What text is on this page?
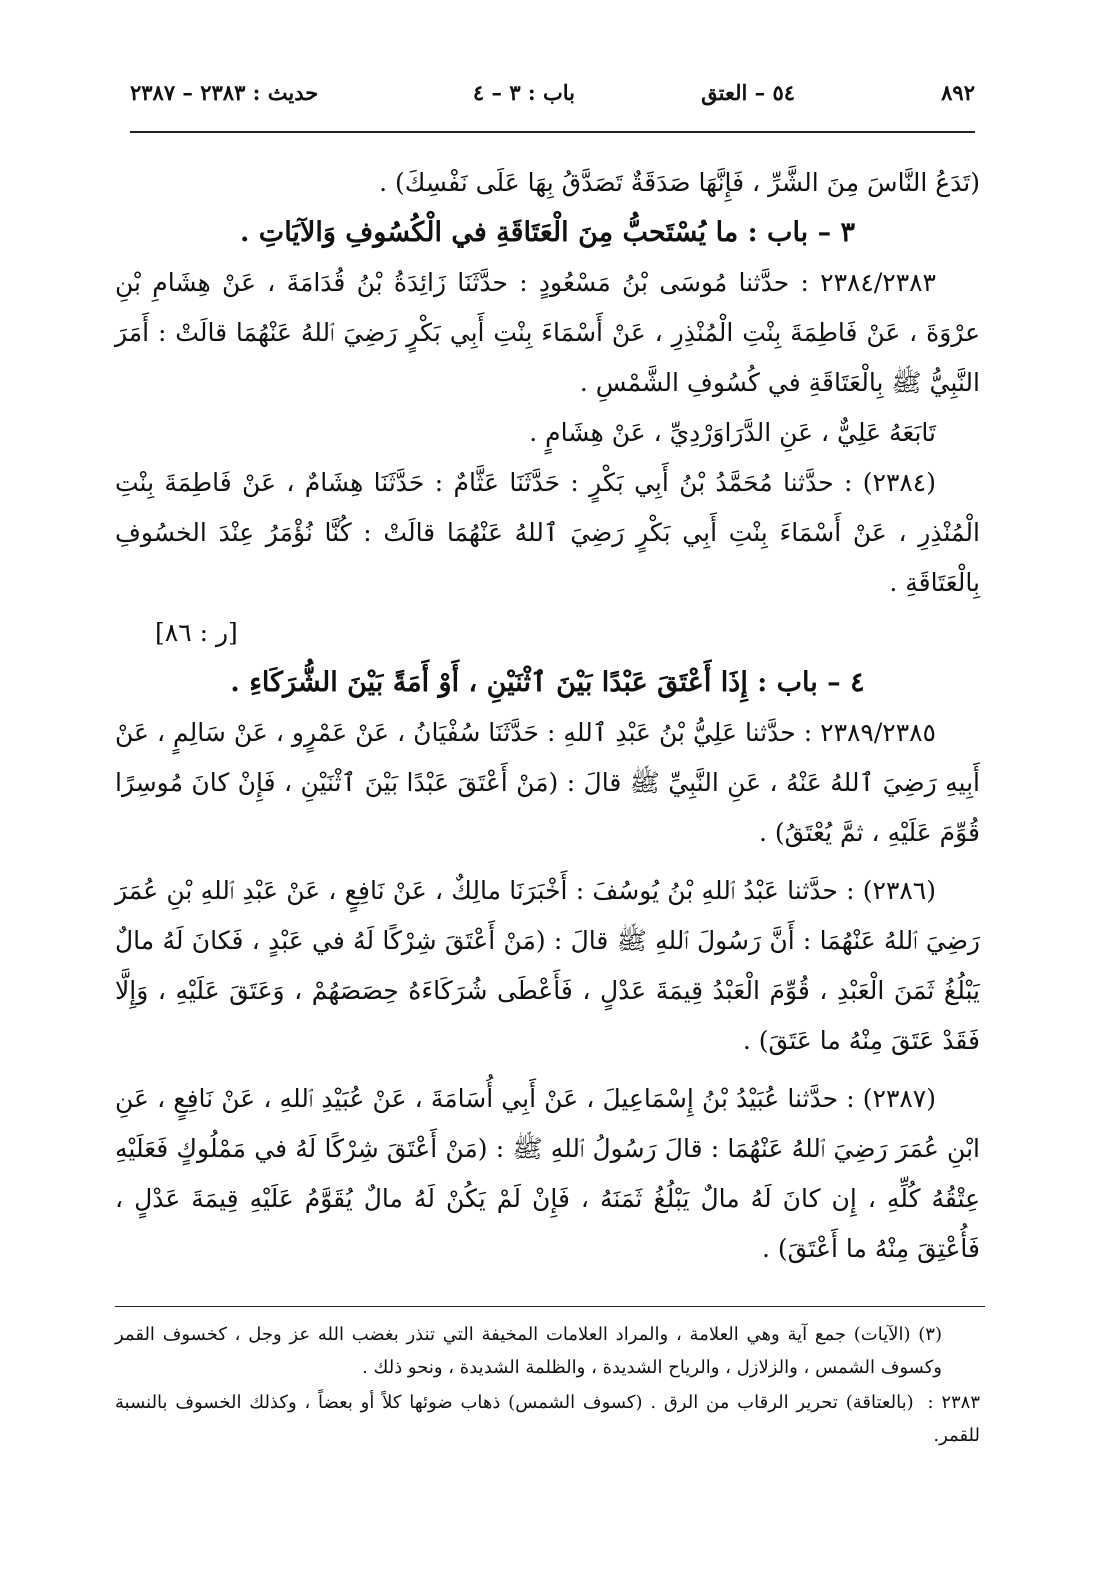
٨٩٢
٥٤ – العتق
باب : ٣ – ٤
حديث : ٢٣٨٣ – ٢٣٨٧

(تَدَعُ النَّاسَ مِنَ الشَّرِّ ، فَإِنَّهَا صَدَقَةٌ تَصَدَّقُ بِهَا عَلَى نَفْسِكَ) .

٣ – باب : ما يُسْتَحبُّ مِنَ الْعَتَاقَةِ في الْكُسُوفِ وَالآيَاتِ .

٢٣٨٤/٢٣٨٣ : حدَّثنا مُوسَى بْنُ مَسْعُودٍ : حدَّثَنَا زَائِدَةُ بْنُ قُدَامَةَ ، عَنْ هِشَامِ بْنِ عرْوَةَ ، عَنْ فَاطِمَةَ بِنْتِ الْمُنْذِرِ ، عَنْ أَسْمَاءَ بِنْتِ أَبِي بَكْرٍ رَضِيَ ٱللهُ عَنْهُمَا قالَتْ : أَمَرَ النَّبِيُّ ﷺ بِالْعَتَاقَةِ في كُسُوفِ الشَّمْسِ .

تَابَعَهُ عَلِيٌّ ، عَنِ الدَّرَاوَرْدِيِّ ، عَنْ هِشَامٍ .

(٢٣٨٤) : حدَّثنا مُحَمَّدُ بْنُ أَبِي بَكْرٍ : حَدَّثَنَا عَثَّامٌ : حَدَّثَنَا هِشَامٌ ، عَنْ فَاطِمَةَ بِنْتِ الْمُنْذِرِ ، عَنْ أَسْمَاءَ بِنْتِ أَبِي بَكْرٍ رَضِيَ ٱللهُ عَنْهُمَا قالَتْ : كُنَّا نُؤْمَرُ عِنْدَ الخسُوفِ بِالْعَتَاقَةِ .

[ر : ٨٦]

٤ – باب : إِذَا أَعْتَقَ عَبْدًا بَيْنَ ٱثْنَيْنِ ، أَوْ أَمَةً بَيْنَ الشُّرَكَاءِ .

٢٣٨٩/٢٣٨٥ : حدَّثنا عَلِيُّ بْنُ عَبْدِ ٱللهِ : حَدَّثَنَا سُفْيَانُ ، عَنْ عَمْرٍو ، عَنْ سَالِمٍ ، عَنْ أَبِيهِ رَضِيَ ٱللهُ عَنْهُ ، عَنِ النَّبِيِّ ﷺ قالَ : (مَنْ أَعْتَقَ عَبْدًا بَيْنَ ٱثْنَيْنِ ، فَإِنْ كانَ مُوسِرًا قُوِّمَ عَلَيْهِ ، ثمَّ يُعْتَقُ) .

(٢٣٨٦) : حدَّثنا عَبْدُ ٱللهِ بْنُ يُوسُفَ : أَخْبَرَنَا مالِكٌ ، عَنْ نَافِعٍ ، عَنْ عَبْدِ ٱللهِ بْنِ عُمَرَ رَضِيَ ٱللهُ عَنْهُمَا : أَنَّ رَسُولَ ٱللهِ ﷺ قالَ : (مَنْ أَعْتَقَ شِرْكًا لَهُ في عَبْدٍ ، فَكانَ لَهُ مالٌ يَبْلُغُ ثَمَنَ الْعَبْدِ ، قُوِّمَ الْعَبْدُ قِيمَةَ عَدْلٍ ، فَأَعْطَى شُرَكَاءَهُ حِصَصَهُمْ ، وَعَتَقَ عَلَيْهِ ، وَإِلَّا فَقَدْ عَتَقَ مِنْهُ ما عَتَقَ) .

(٢٣٨٧) : حدَّثنا عُبَيْدُ بْنُ إِسْمَاعِيلَ ، عَنْ أَبِي أُسَامَةَ ، عَنْ عُبَيْدِ ٱللهِ ، عَنْ نَافِعٍ ، عَنِ ابْنِ عُمَرَ رَضِيَ ٱللهُ عَنْهُمَا : قالَ رَسُولُ ٱللهِ ﷺ : (مَنْ أَعْتَقَ شِرْكًا لَهُ في مَمْلُوكٍ فَعَلَيْهِ عِتْقُهُ كُلِّهِ ، إِن كانَ لَهُ مالٌ يَبْلُغُ ثَمَنَهُ ، فَإِنْ لَمْ يَكُنْ لَهُ مالٌ يُقَوَّمُ عَلَيْهِ قِيمَةَ عَدْلٍ ، فَأُعْتِقَ مِنْهُ ما أَعْتَقَ) .

(٣) (الآيات) جمع آية وهي العلامة ، والمراد العلامات المخيفة التي تنذر بغضب الله عز وجل ، كخسوف القمر وكسوف الشمس ، والزلازل ، والرياح الشديدة ، والظلمة الشديدة ، ونحو ذلك .

٢٣٨٣ : (بالعتاقة) تحرير الرقاب من الرق . (كسوف الشمس) ذهاب ضوئها كلاً أو بعضاً ، وكذلك الخسوف بالنسبة للقمر.
